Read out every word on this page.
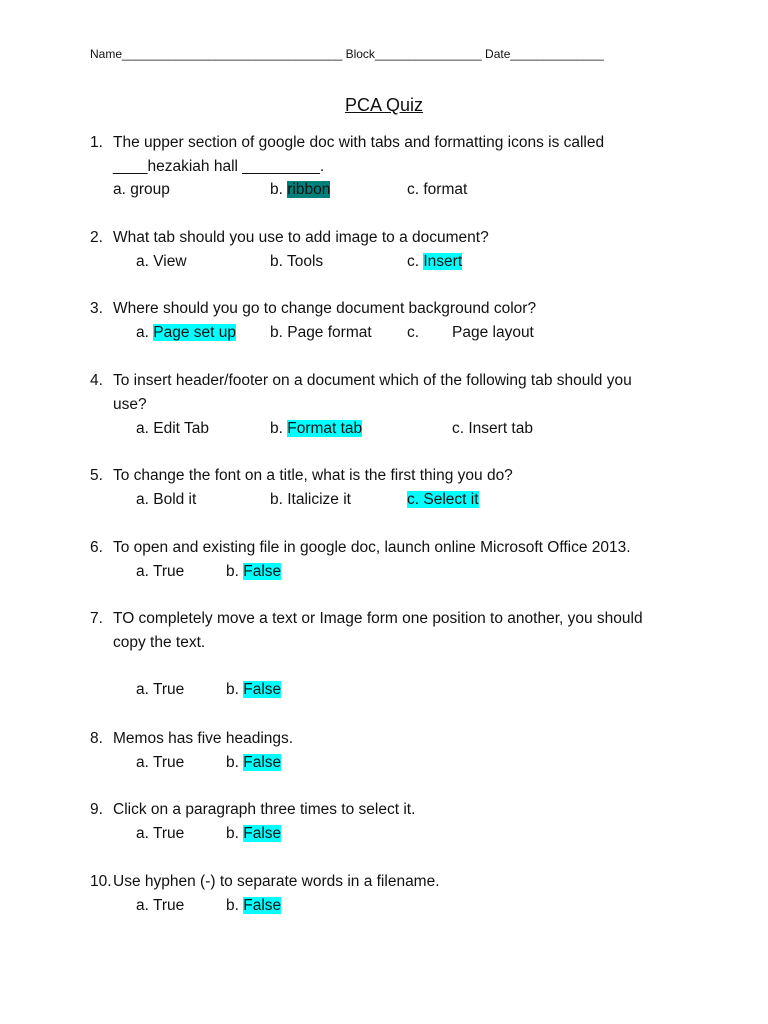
Name_________________________________ Block________________ Date______________
PCA Quiz
1. The upper section of google doc with tabs and formatting icons is called
____hezakiah hall _________.
a. group	b. ribbon	c. format
2. What tab should you use to add image to a document?
a. View	b. Tools	c. Insert
3. Where should you go to change document background color?
a. Page set up b. Page format c. Page layout
4. To insert header/footer on a document which of the following tab should you
use?
a. Edit Tab	b. Format tab	c. Insert tab
5. To change the font on a title, what is the first thing you do?
a. Bold it	b. Italicize it	c. Select it
6. To open and existing file in google doc, launch online Microsoft Office 2013.
a. True	b. False
7. TO completely move a text or Image form one position to another, you should
copy the text.
a. True	b. False
8. Memos has five headings.
a. True	b. False
9. Click on a paragraph three times to select it.
a. True	b. False
10. Use hyphen (-) to separate words in a filename.
a. True	b. False
